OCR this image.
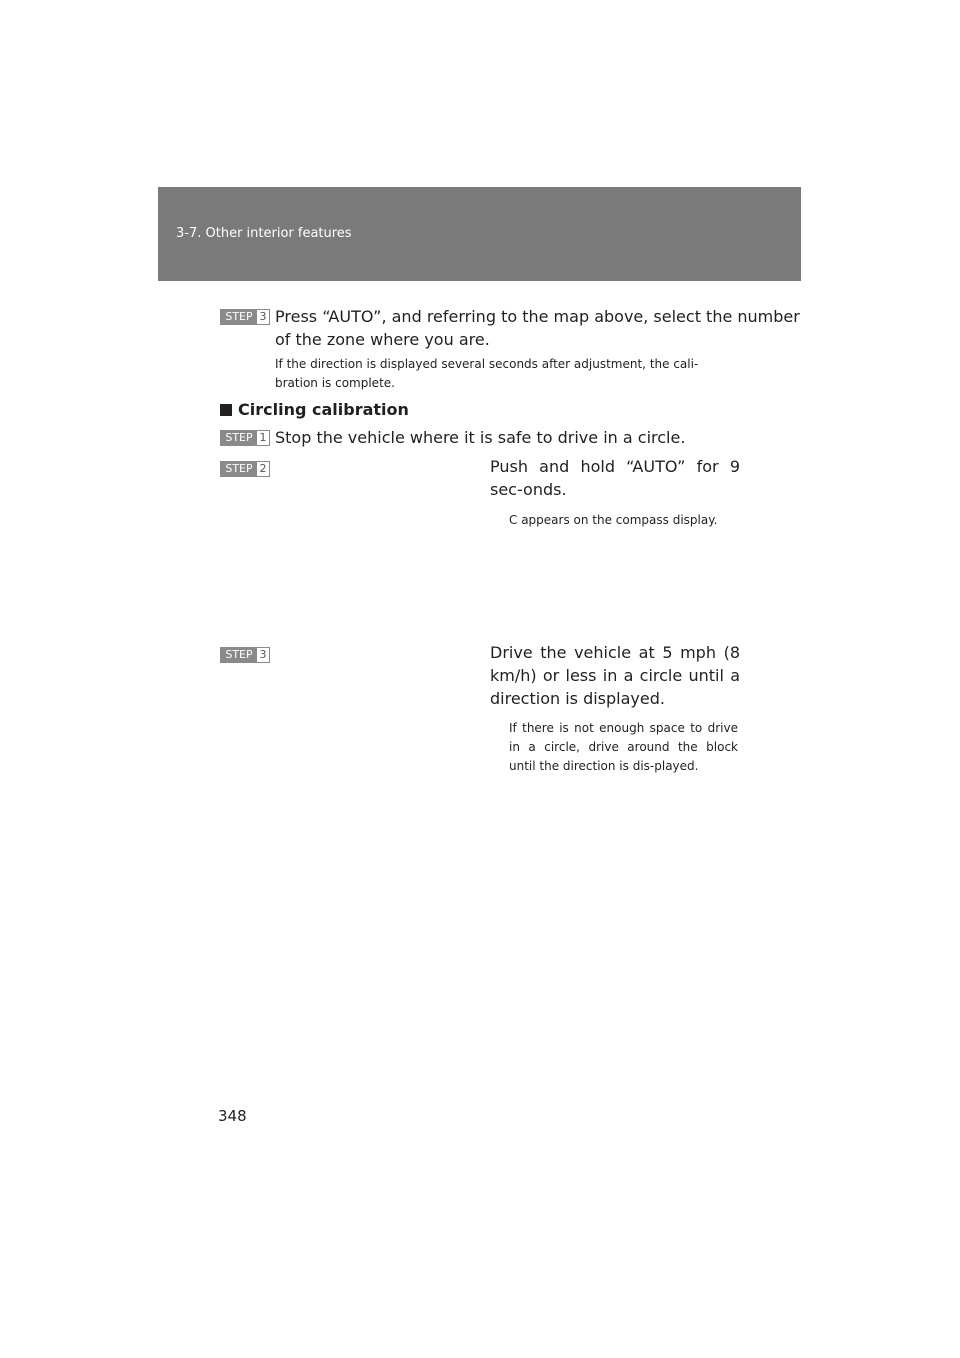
3-7. Other interior features
STEP 3 Press “AUTO”, and referring to the map above, select the number
of the zone where you are.
If the direction is displayed several seconds after adjustment, the cali-
bration is complete.
Circling calibration
STEP 1 Stop the vehicle where it is safe to drive in a circle.
STEP 2	Push and hold “AUTO” for 9 sec-onds.
C appears on the compass display.
STEP 3	Drive the vehicle at 5 mph (8 km/h) or less in a circle until a direction is displayed.
If there is not enough space to drive in a circle, drive around the block until the direction is dis-played.
348
